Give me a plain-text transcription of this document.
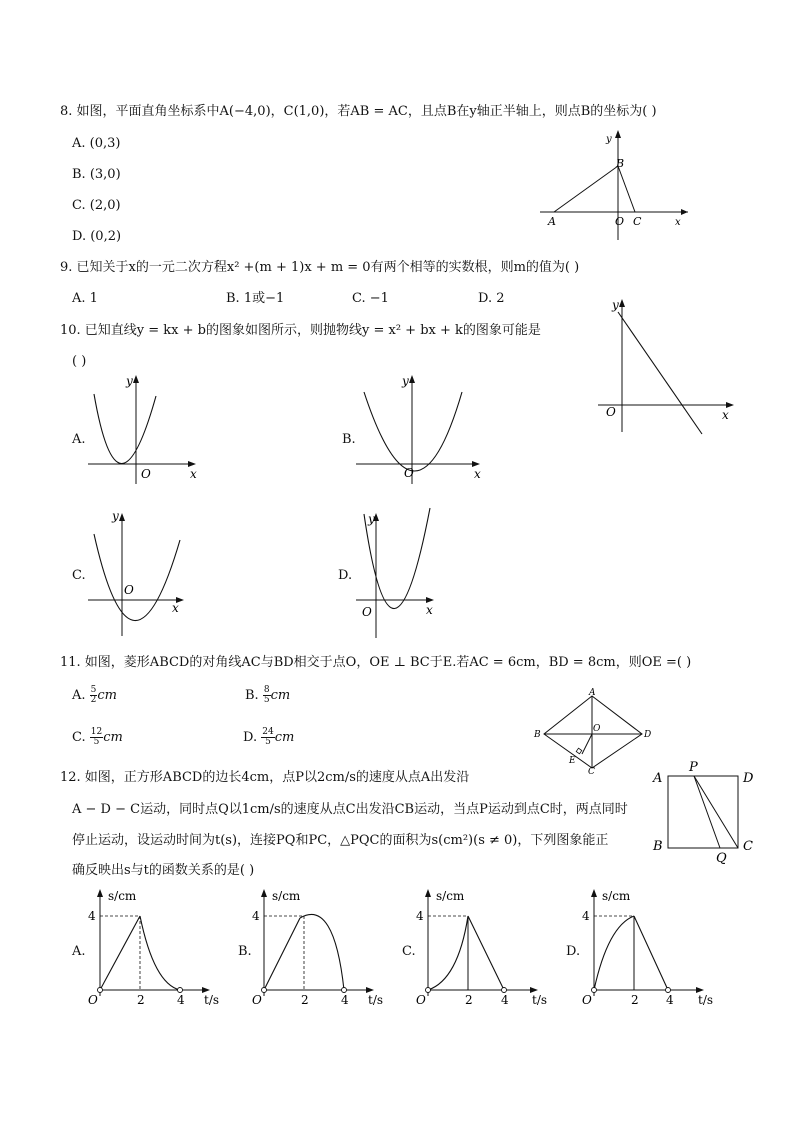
8. 如图，平面直角坐标系中A(−4,0)，C(1,0)，若AB = AC，且点B在y轴正半轴上，则点B的坐标为( )
A. (0,3)
B. (3,0)
C. (2,0)
D. (0,2)
y
B
A	O C	x
9. 已知关于x的一元二次方程x² +(m + 1)x + m = 0有两个相等的实数根，则m的值为( )
A. 1	B. 1或−1	C. −1	D. 2
10. 已知直线y = kx + b的图象如图所示，则抛物线y = x² + bx + k的图象可能是
( )
y
O	x
A.
y
O	x
B.
y
O	x
C.
y
O
x
D.
y
O	x
11. 如图，菱形ABCD的对角线AC与BD相交于点O，OE ⊥ BC于E.若AC = 6cm，BD = 8cm，则OE =( )
A. $\frac{5}{2}$ cm	B. $\frac{8}{5}$ cm
C. $\frac{12}{5}$ cm	D. $\frac{24}{5}$ cm
A
B
O
D
E
C
12. 如图，正方形ABCD的边长4cm，点P以2cm/s的速度从点A出发沿
A − D − C运动，同时点Q以1cm/s的速度从点C出发沿CB运动，当点P运动到点C时，两点同时
停止运动，设运动时间为t(s)，连接PQ和PC，△PQC的面积为s(cm²)(s ≠ 0)，下列图象能正
确反映出s与t的函数关系的是( )
A
P
D
B
Q
C
A.
s/cm
4
O	2	4 t/s
B.
s/cm
4
O	2	4 t/s
C.
s/cm
4
O	2 4 t/s
D.
s/cm
4
O	2 4 t/s
